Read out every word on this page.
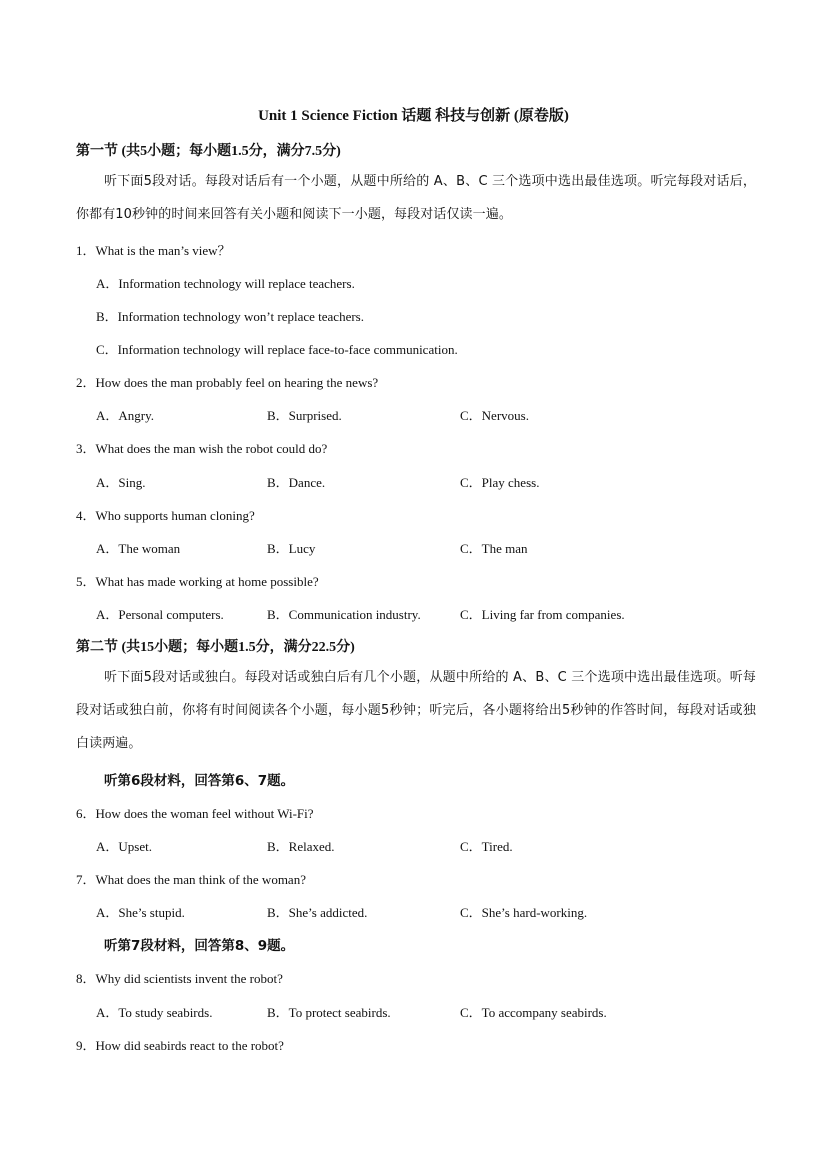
Unit 1 Science Fiction 话题 科技与创新 (原卷版)
第一节 (共5小题；每小题1.5分，满分7.5分)
听下面5段对话。每段对话后有一个小题，从题中所给的 A、B、C 三个选项中选出最佳选项。听完每段对话后，你都有10秒钟的时间来回答有关小题和阅读下一小题，每段对话仅读一遍。
1．What is the man’s view？
A．Information technology will replace teachers.
B．Information technology won’t replace teachers.
C．Information technology will replace face-to-face communication.
2．How does the man probably feel on hearing the news?
A．Angry.	B．Surprised.	C．Nervous.
3．What does the man wish the robot could do?
A．Sing.	B．Dance.	C．Play chess.
4．Who supports human cloning?
A．The woman	B．Lucy	C．The man
5．What has made working at home possible?
A．Personal computers.	B．Communication industry.	C．Living far from companies.
第二节 (共15小题；每小题1.5分，满分22.5分)
听下面5段对话或独白。每段对话或独白后有几个小题，从题中所给的 A、B、C 三个选项中选出最佳选项。听每段对话或独白前，你将有时间阅读各个小题，每小题5秒钟；听完后，各小题将给出5秒钟的作答时间，每段对话或独白读两遍。
听第6段材料，回答第6、7题。
6．How does the woman feel without Wi-Fi?
A．Upset.	B．Relaxed.	C．Tired.
7．What does the man think of the woman?
A．She’s stupid.	B．She’s addicted.	C．She’s hard-working.
听第7段材料，回答第8、9题。
8．Why did scientists invent the robot?
A．To study seabirds.	B．To protect seabirds.	C．To accompany seabirds.
9．How did seabirds react to the robot?
